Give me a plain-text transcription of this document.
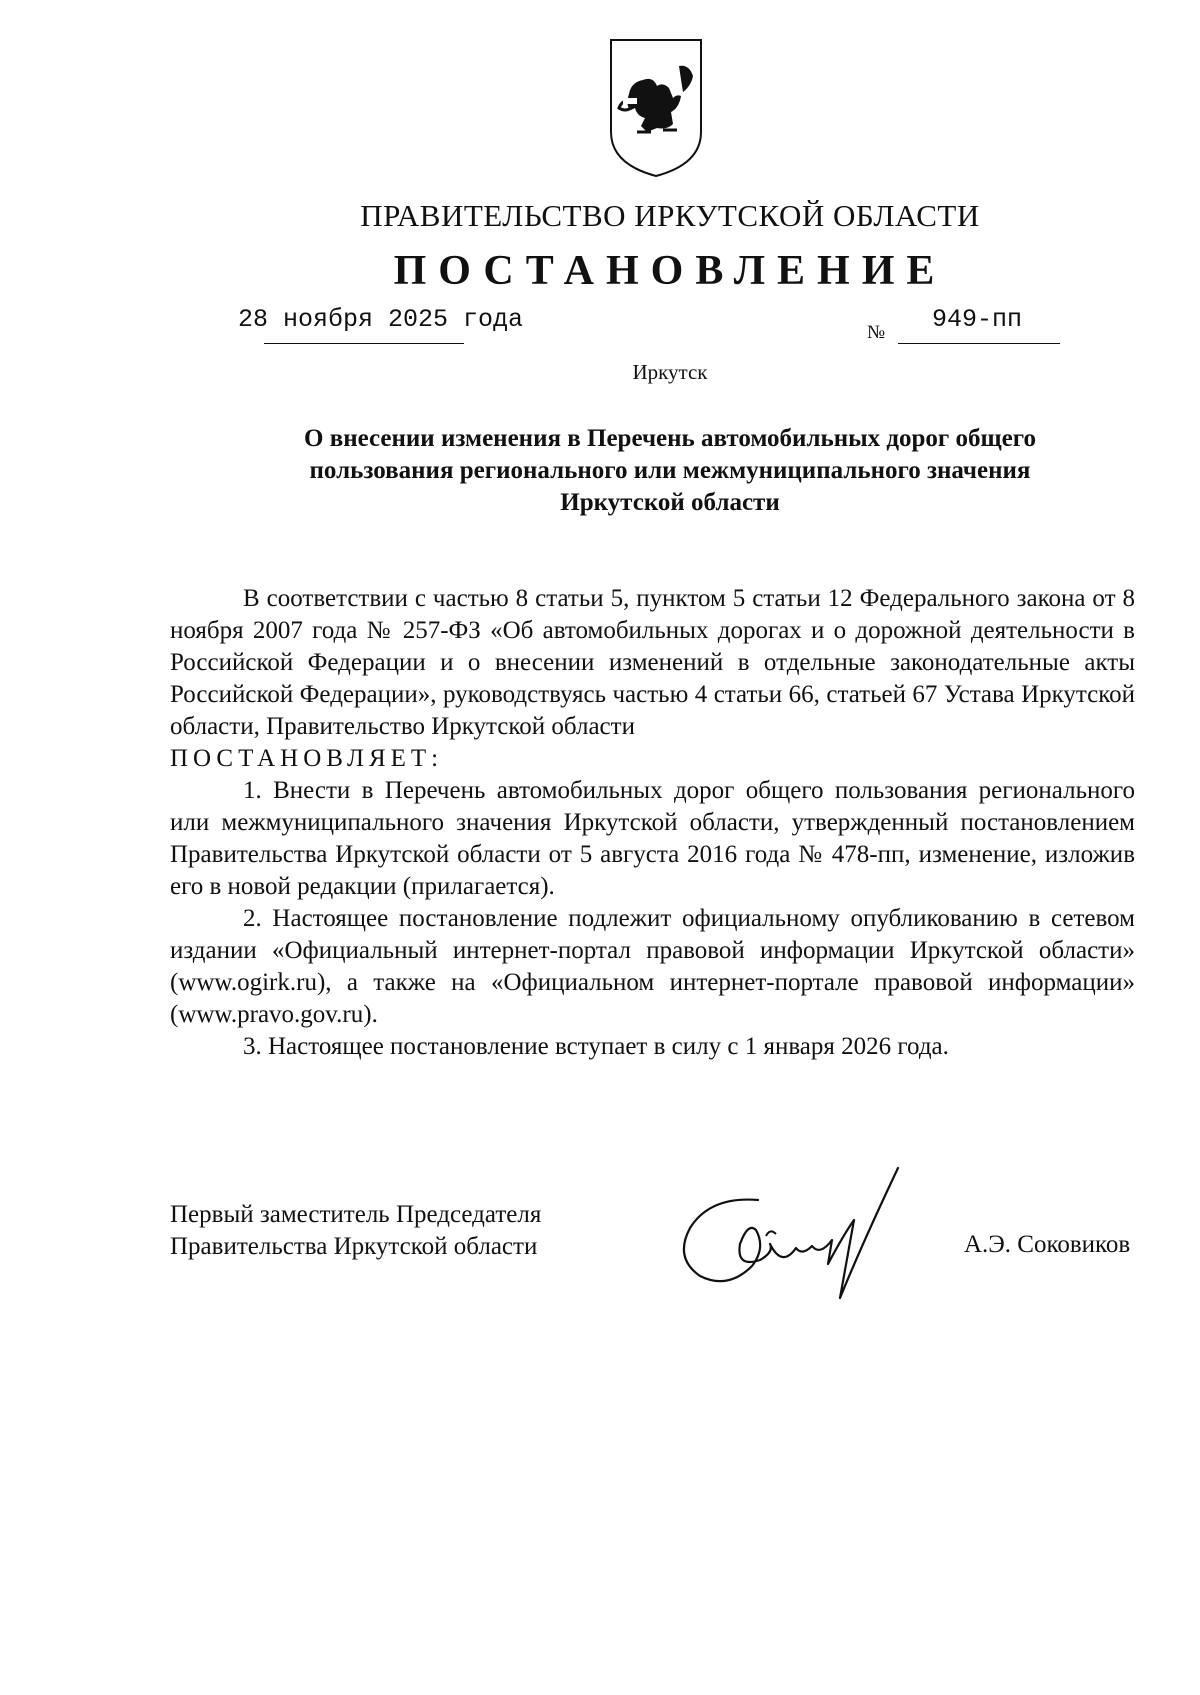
ПРАВИТЕЛЬСТВО ИРКУТСКОЙ ОБЛАСТИ
ПОСТАНОВЛЕНИЕ
28 ноября 2025 года	№ 949-пп
Иркутск
О внесении изменения в Перечень автомобильных дорог общего
пользования регионального или межмуниципального значения
Иркутской области

В соответствии с частью 8 статьи 5, пунктом 5 статьи 12 Федерального закона от 8 ноября 2007 года № 257-ФЗ «Об автомобильных дорогах и о дорожной деятельности в Российской Федерации и о внесении изменений в отдельные законодательные акты Российской Федерации», руководствуясь частью 4 статьи 66, статьей 67 Устава Иркутской области, Правительство Иркутской области

ПОСТАНОВЛЯЕТ:

1. Внести в Перечень автомобильных дорог общего пользования регионального или межмуниципального значения Иркутской области, утвержденный постановлением Правительства Иркутской области от 5 августа 2016 года № 478-пп, изменение, изложив его в новой редакции (прилагается).

2. Настоящее постановление подлежит официальному опубликованию в сетевом издании «Официальный интернет-портал правовой информации Иркутской области» (www.ogirk.ru), а также на «Официальном интернет-портале правовой информации» (www.pravo.gov.ru).

3. Настоящее постановление вступает в силу с 1 января 2026 года.

Первый заместитель Председателя
Правительства Иркутской области	А.Э. Соковиков
